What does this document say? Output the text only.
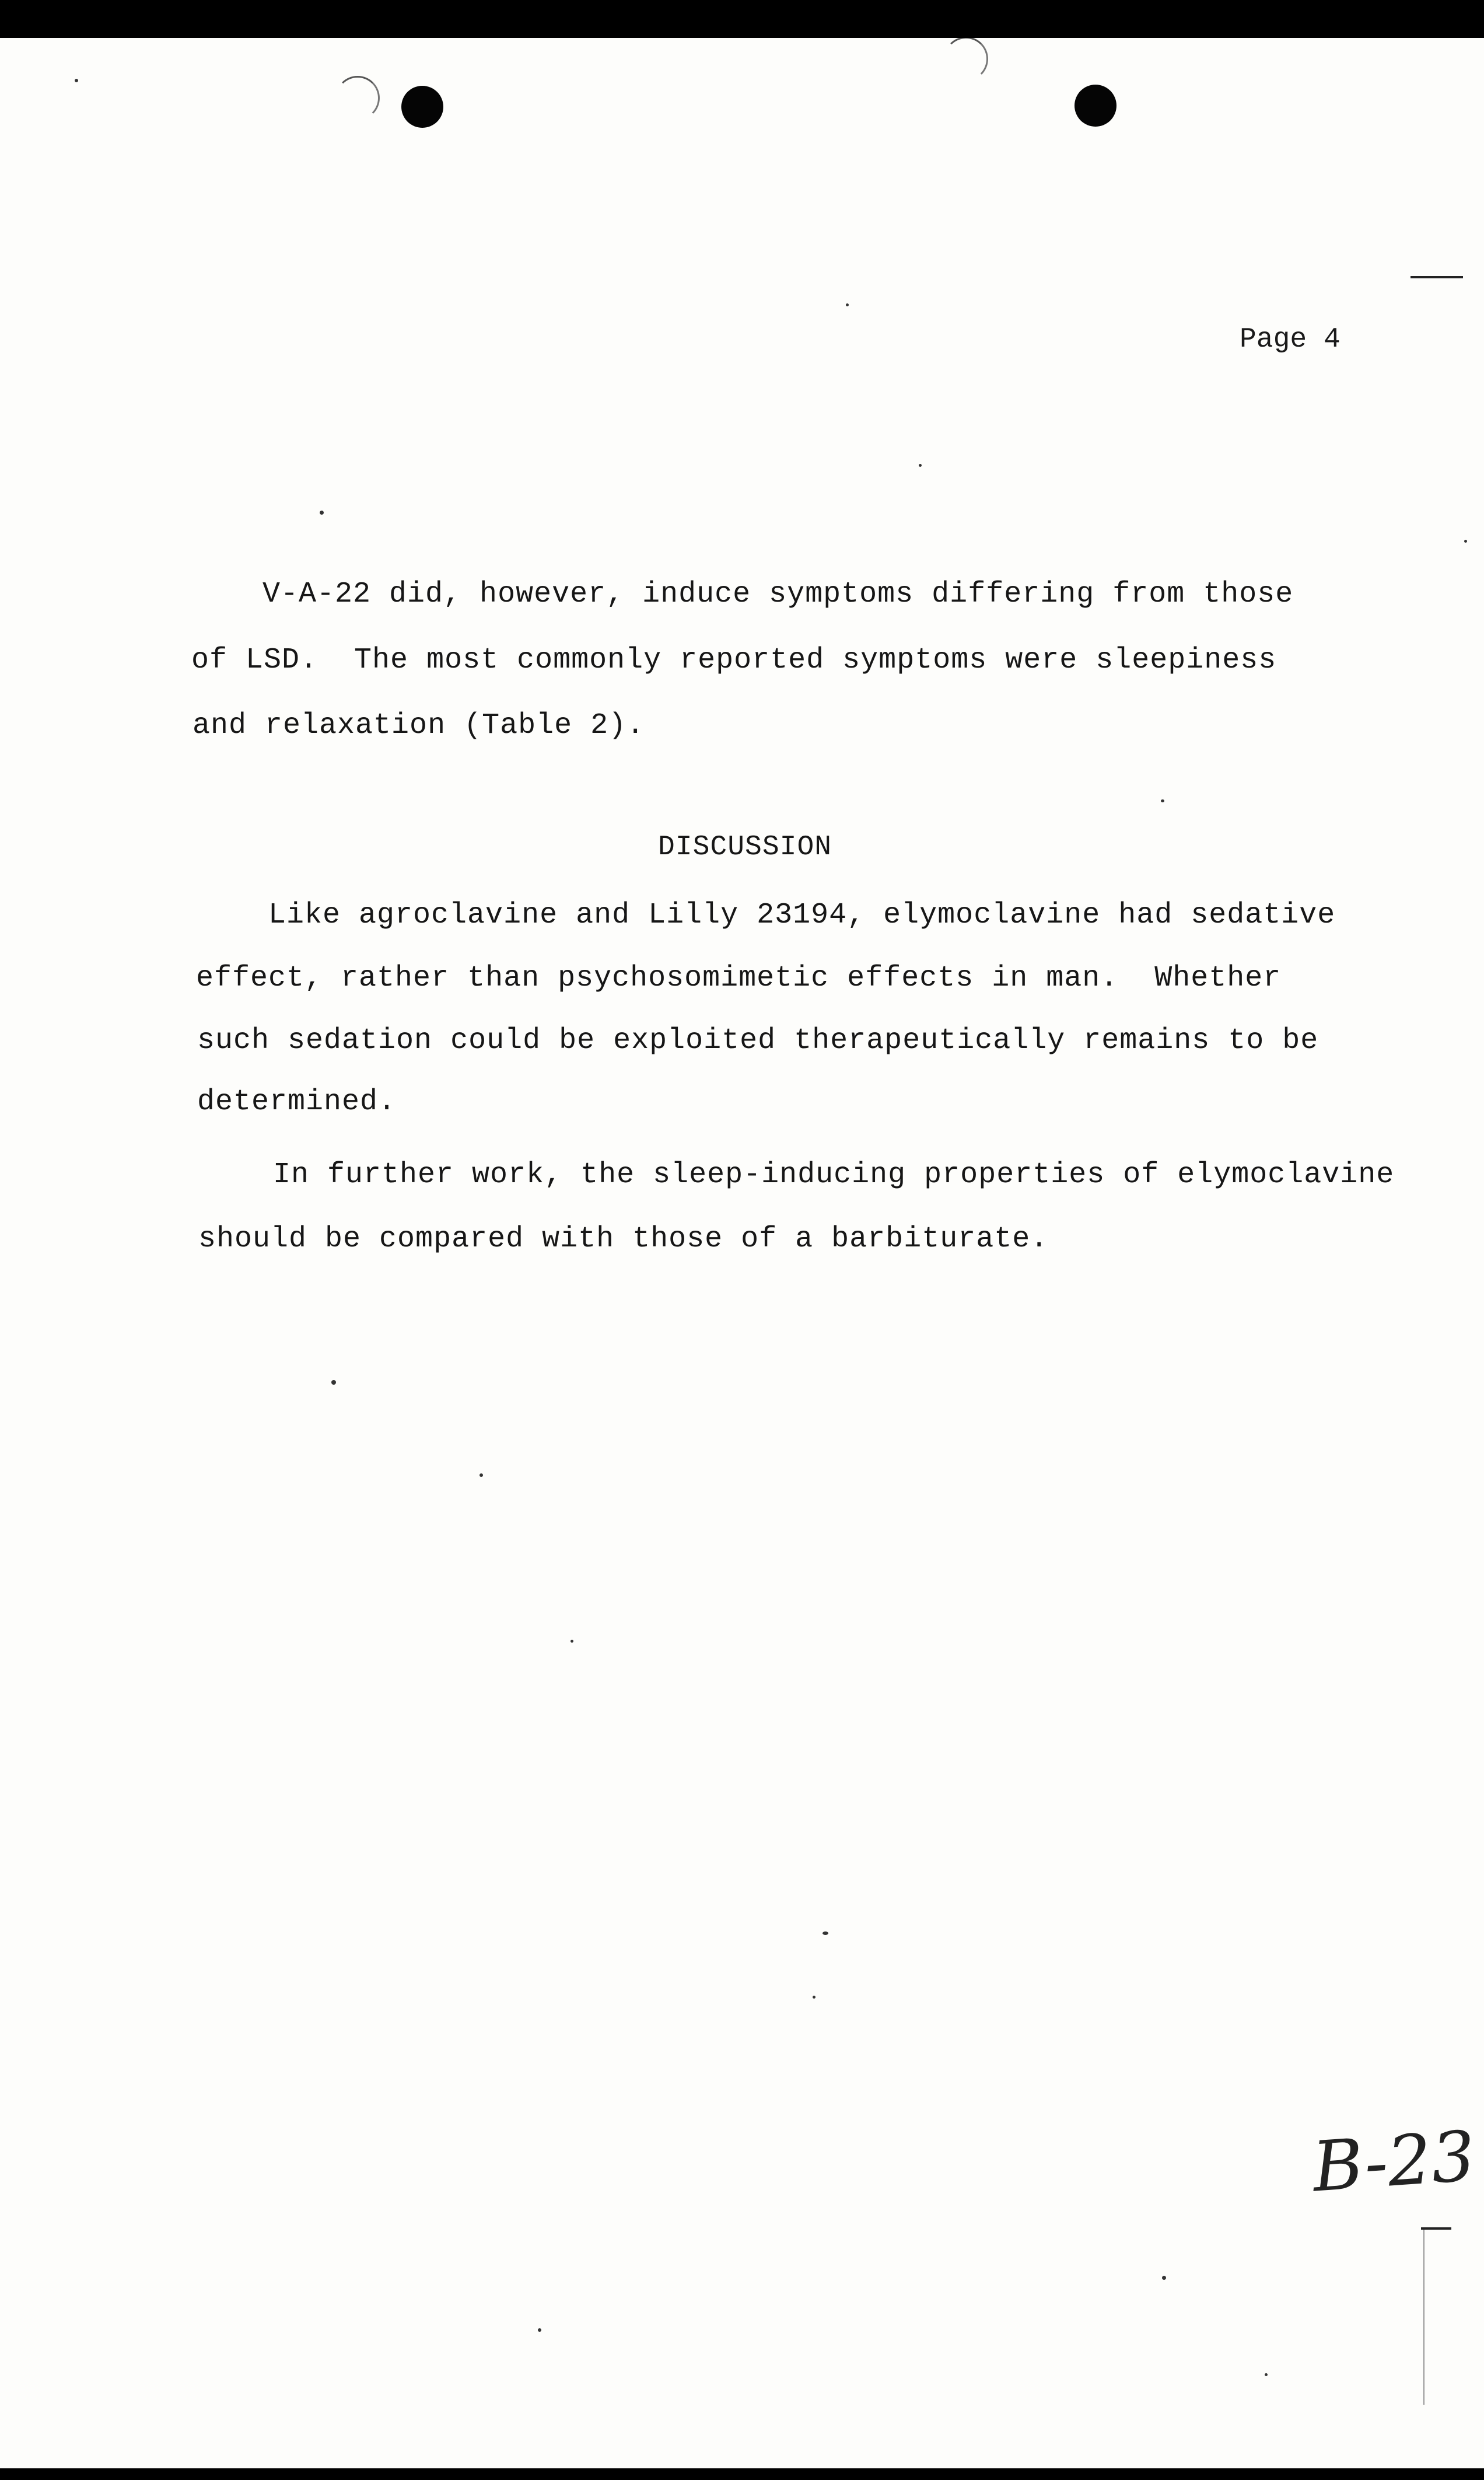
Page 4
V-A-22 did, however, induce symptoms differing from those
of LSD.  The most commonly reported symptoms were sleepiness
and relaxation (Table 2).
DISCUSSION
Like agroclavine and Lilly 23194, elymoclavine had sedative
effect, rather than psychosomimetic effects in man.  Whether
such sedation could be exploited therapeutically remains to be
determined.
In further work, the sleep-inducing properties of elymoclavine
should be compared with those of a barbiturate.
B-23
